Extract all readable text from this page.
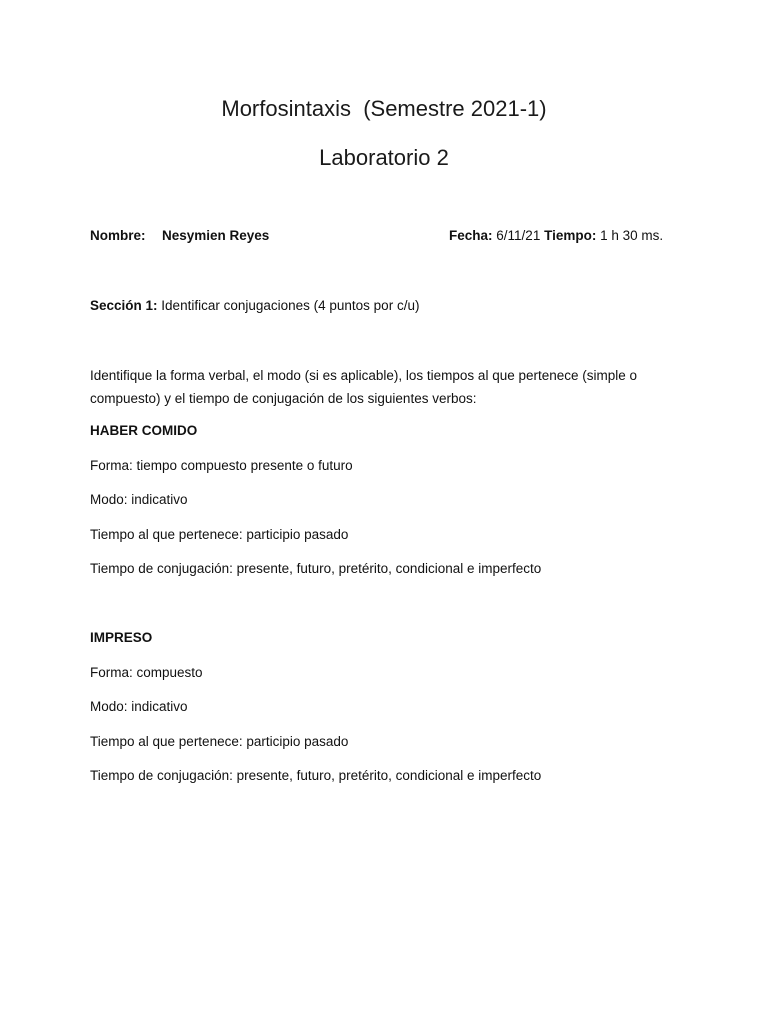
Morfosintaxis  (Semestre 2021-1)
Laboratorio 2
Nombre: Nesymien Reyes	Fecha: 6/11/21 Tiempo: 1 h 30 ms.
Sección 1: Identificar conjugaciones (4 puntos por c/u)
Identifique la forma verbal, el modo (si es aplicable), los tiempos al que pertenece (simple o compuesto) y el tiempo de conjugación de los siguientes verbos:
HABER COMIDO
Forma: tiempo compuesto presente o futuro
Modo: indicativo
Tiempo al que pertenece: participio pasado
Tiempo de conjugación: presente, futuro, pretérito, condicional e imperfecto
IMPRESO
Forma: compuesto
Modo: indicativo
Tiempo al que pertenece: participio pasado
Tiempo de conjugación: presente, futuro, pretérito, condicional e imperfecto
